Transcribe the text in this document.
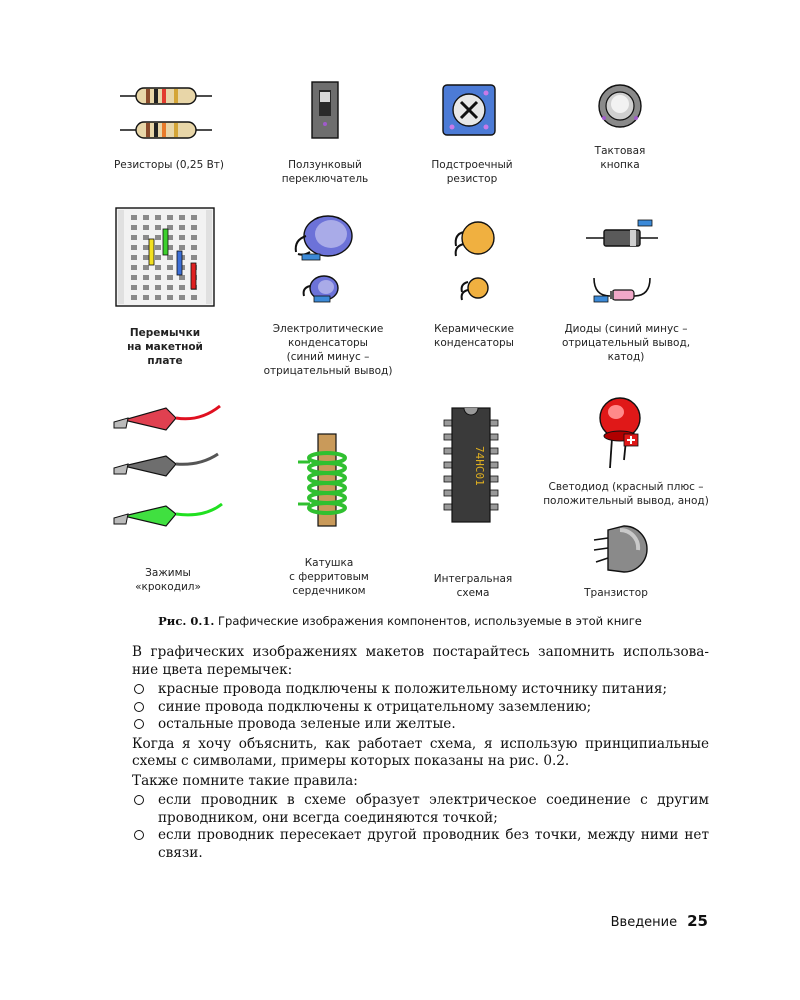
Резисторы (0,25 Вт)	Ползунковый
переключатель
Подстроечный
резистор
Тактовая
кнопка
Перемычки
на макетной
плате
Электролитические
конденсаторы
(синий минус –
отрицательный вывод)
Керамические
конденсаторы
Диоды (синий минус –
отрицательный вывод,
катод)
Зажимы
«крокодил»
Катушка
с ферритовым
сердечником
74HC01
Интегральная
схема
Светодиод (красный плюс –
положительный вывод, анод)
Транзистор
Рис. 0.1. Графические изображения компонентов, используемые в этой книге

В графических изображениях макетов постарайтесь запомнить использова-ние цвета перемычек:

красные провода подключены к положительному источнику питания;
синие провода подключены к отрицательному заземлению;
остальные провода зеленые или желтые.

Когда я хочу объяснить, как работает схема, я использую принципиальные схемы с символами, примеры которых показаны на рис. 0.2.

Также помните такие правила:

если проводник в схеме образует электрическое соединение с другим проводником, они всегда соединяются точкой;
если проводник пересекает другой проводник без точки, между ними нет связи.
Введение 25
